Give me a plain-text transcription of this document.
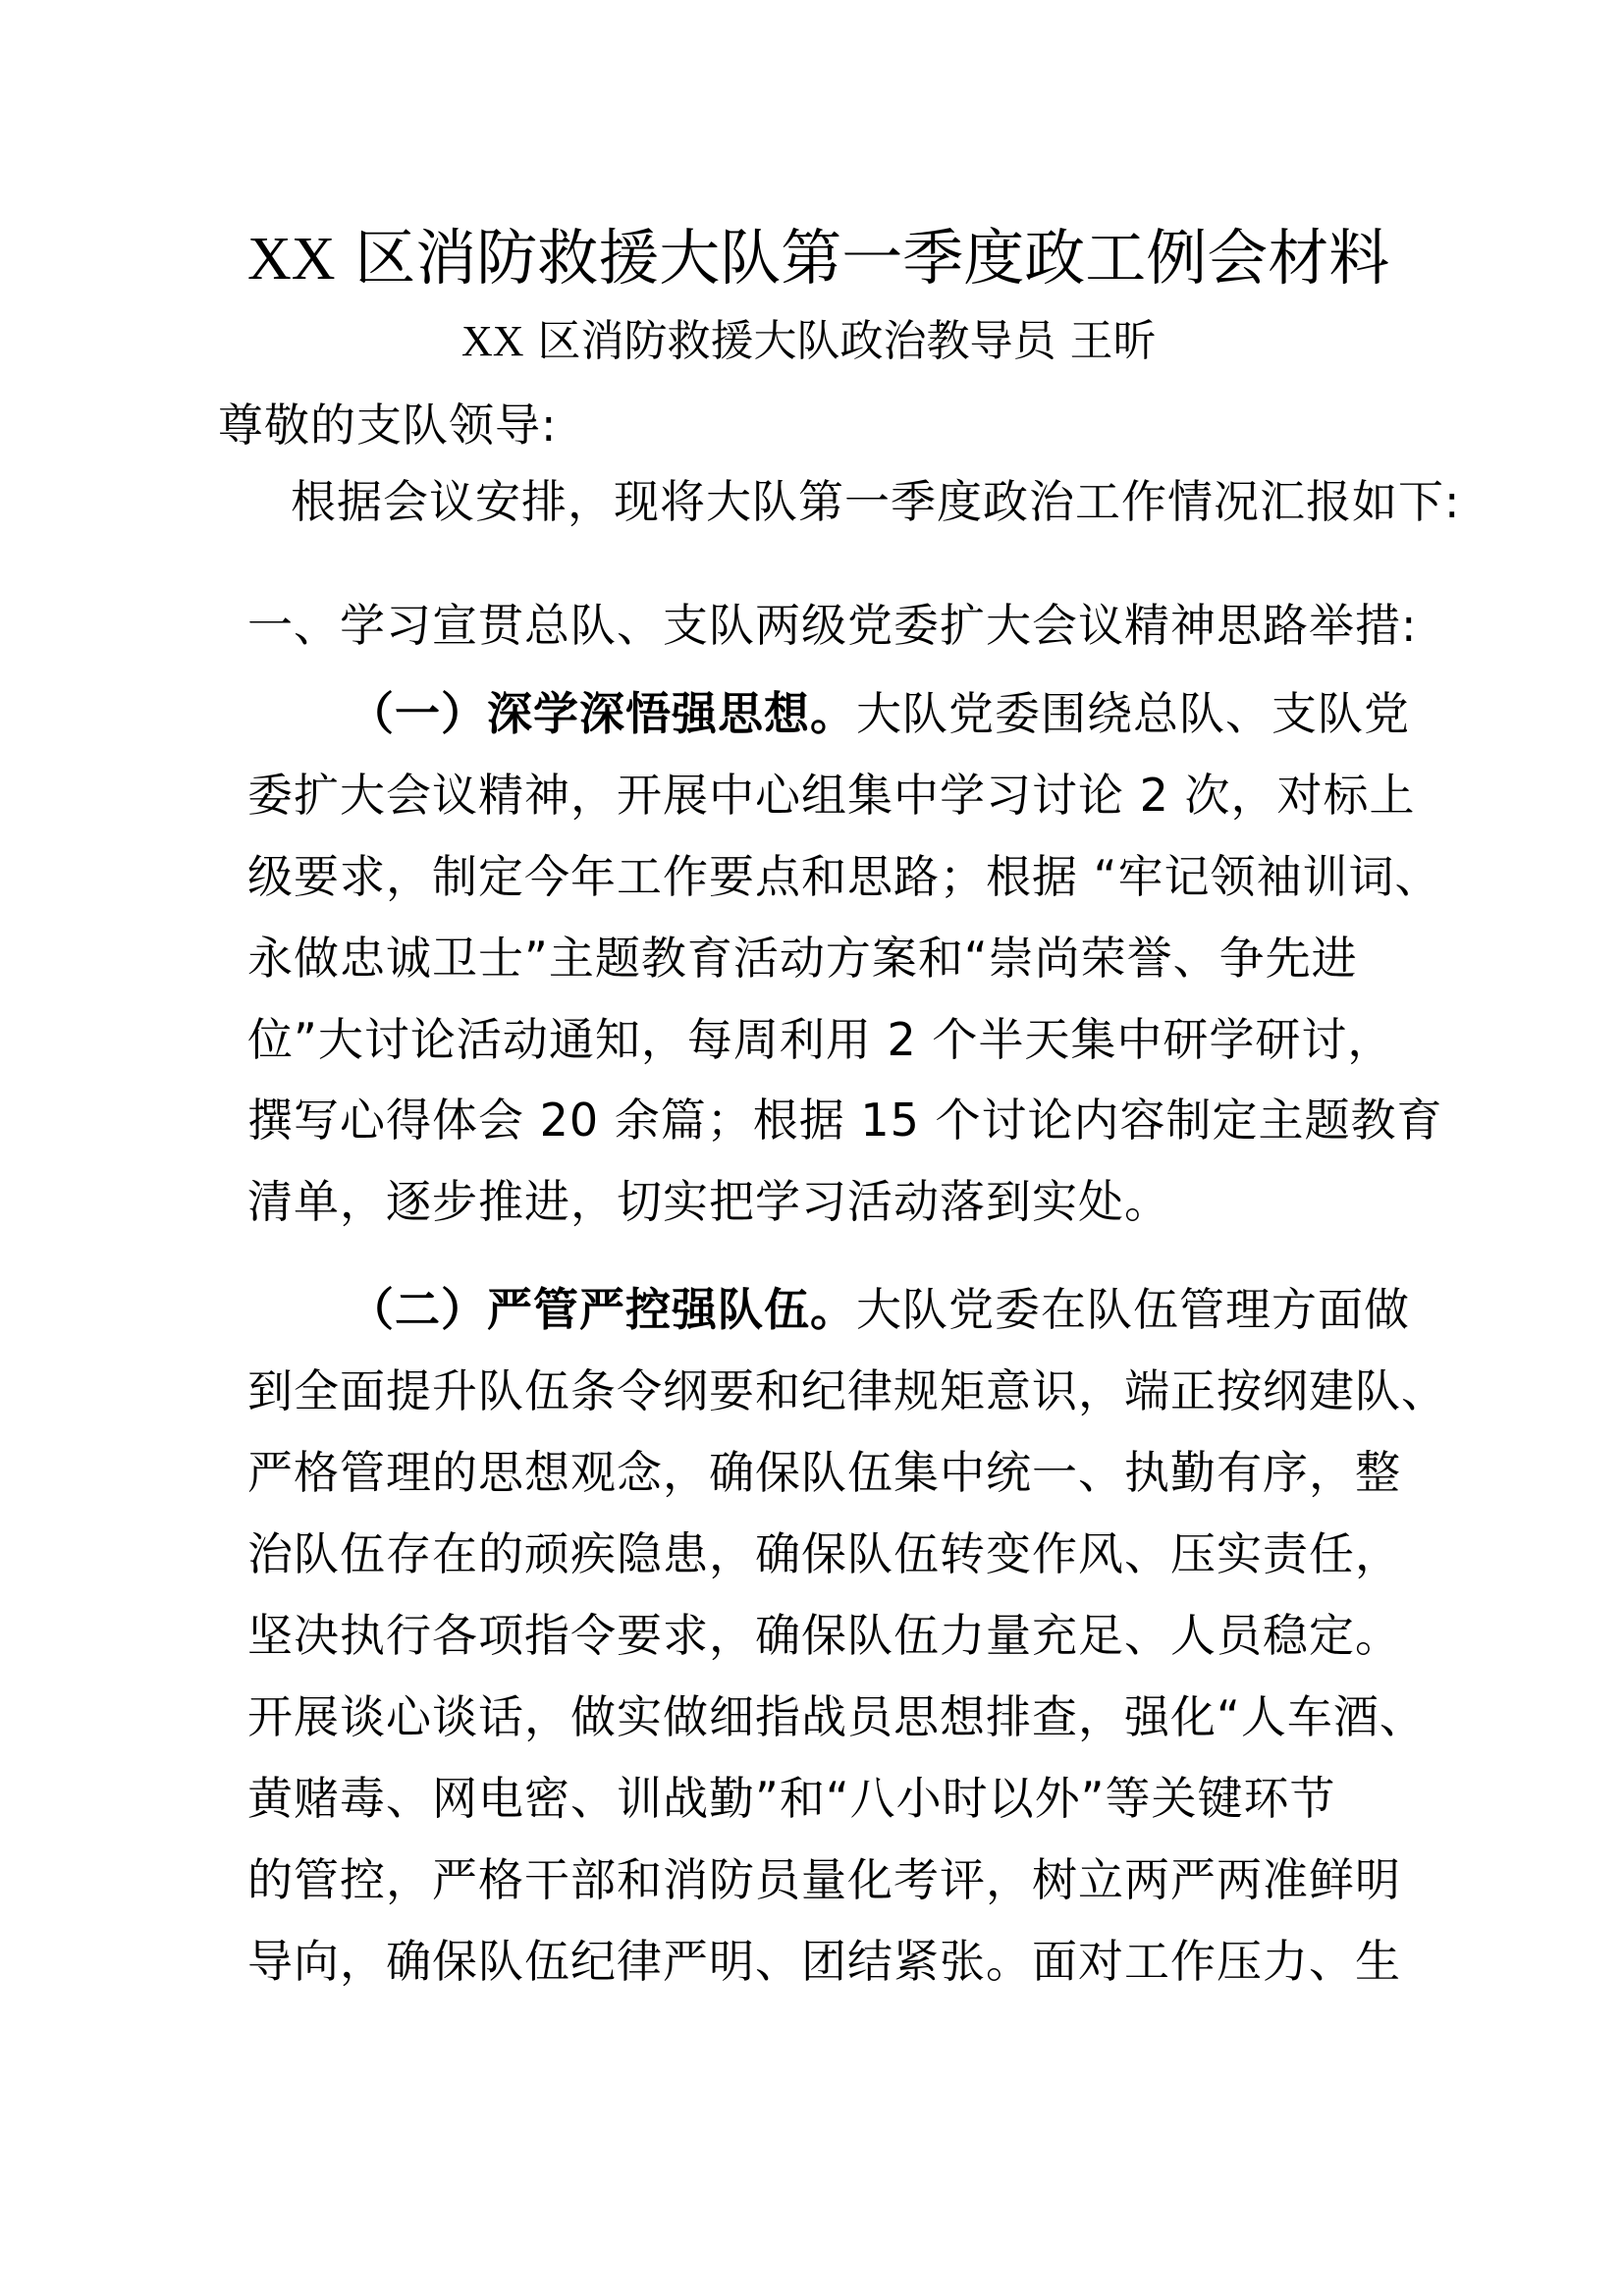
XX 区消防救援大队第一季度政工例会材料
XX 区消防救援大队政治教导员 王昕
尊敬的支队领导:
根据会议安排，现将大队第一季度政治工作情况汇报如下:
一、学习宣贯总队、支队两级党委扩大会议精神思路举措:
（一）深学深悟强思想。大队党委围绕总队、支队党
委扩大会议精神，开展中心组集中学习讨论 2 次，对标上
级要求，制定今年工作要点和思路；根据 “牢记领袖训词、
永做忠诚卫士”主题教育活动方案和“崇尚荣誉、争先进
位”大讨论活动通知，每周利用 2 个半天集中研学研讨，
撰写心得体会 20 余篇；根据 15 个讨论内容制定主题教育
清单，逐步推进，切实把学习活动落到实处。
（二）严管严控强队伍。大队党委在队伍管理方面做
到全面提升队伍条令纲要和纪律规矩意识，端正按纲建队、
严格管理的思想观念，确保队伍集中统一、执勤有序，整
治队伍存在的顽疾隐患，确保队伍转变作风、压实责任，
坚决执行各项指令要求，确保队伍力量充足、人员稳定。
开展谈心谈话，做实做细指战员思想排查，强化“人车酒、
黄赌毒、网电密、训战勤”和“八小时以外”等关键环节
的管控，严格干部和消防员量化考评，树立两严两准鲜明
导向，确保队伍纪律严明、团结紧张。面对工作压力、生
